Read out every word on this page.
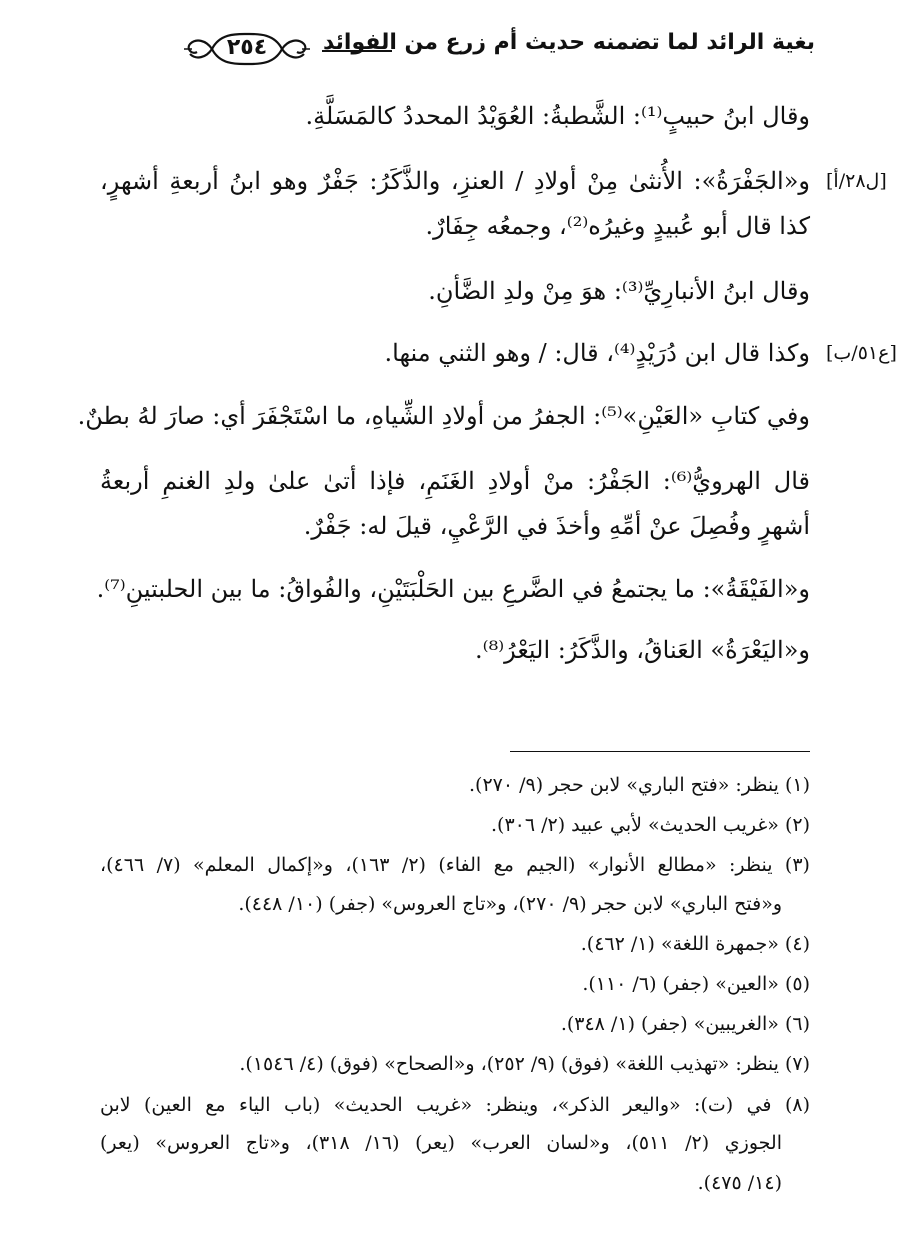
بغية الرائد لما تضمنه حديث أم زرع من الفوائد
٢٥٤
وقال ابنُ حبيبٍ⁽¹⁾: الشَّطبةُ: العُوَيْدُ المحددُ كالمَسَلَّةِ.
[ل٢٨/أ]
و«الجَفْرَةُ»: الأُنثىٰ مِنْ أولادِ / العنزِ، والذَّكَرُ: جَفْرٌ وهو ابنُ أربعةِ أشهرٍ،
كذا قال أبو عُبيدٍ وغيرُه⁽²⁾، وجمعُه جِفَارٌ.
وقال ابنُ الأنبارِيِّ⁽³⁾: هوَ مِنْ ولدِ الضَّأنِ.
[ع٥١/ب]
وكذا قال ابن دُرَيْدٍ⁽⁴⁾، قال: / وهو الثني منها.
وفي كتابِ «العَيْنِ»⁽⁵⁾: الجفرُ من أولادِ الشِّياهِ، ما اسْتَجْفَرَ أي: صارَ لهُ بطنٌ.
قال الهرويُّ⁽⁶⁾: الجَفْرُ: منْ أولادِ الغَنَمِ، فإذا أتىٰ علىٰ ولدِ الغنمِ أربعةُ
أشهرٍ وفُصِلَ عنْ أمِّهِ وأخذَ في الرَّعْيِ، قيلَ له: جَفْرٌ.
و«الفَيْقَةُ»: ما يجتمعُ في الضَّرعِ بين الحَلْبَتَيْنِ، والفُواقُ: ما بين الحلبتينِ⁽⁷⁾.
و«اليَعْرَةُ» العَناقُ، والذَّكَرُ: اليَعْرُ⁽⁸⁾.
(١) ينظر: «فتح الباري» لابن حجر (٩/ ٢٧٠).
(٢) «غريب الحديث» لأبي عبيد (٢/ ٣٠٦).
(٣) ينظر: «مطالع الأنوار» (الجيم مع الفاء) (٢/ ١٦٣)، و«إكمال المعلم» (٧/ ٤٦٦)،
و«فتح الباري» لابن حجر (٩/ ٢٧٠)، و«تاج العروس» (جفر) (١٠/ ٤٤٨).
(٤) «جمهرة اللغة» (١/ ٤٦٢).
(٥) «العين» (جفر) (٦/ ١١٠).
(٦) «الغريبين» (جفر) (١/ ٣٤٨).
(٧) ينظر: «تهذيب اللغة» (فوق) (٩/ ٢٥٢)، و«الصحاح» (فوق) (٤/ ١٥٤٦).
(٨) في (ت): «واليعر الذكر»، وينظر: «غريب الحديث» (باب الياء مع العين) لابن
الجوزي (٢/ ٥١١)، و«لسان العرب» (يعر) (١٦/ ٣١٨)، و«تاج العروس» (يعر)
(١٤/ ٤٧٥).
